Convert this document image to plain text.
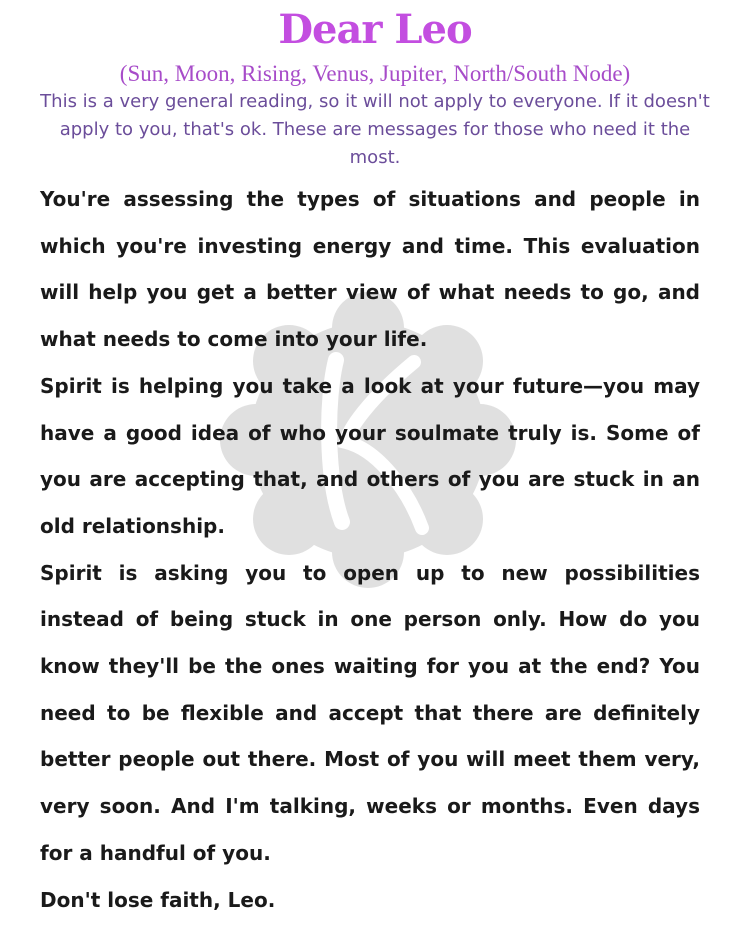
Dear Leo
(Sun, Moon, Rising, Venus, Jupiter, North/South Node)
This is a very general reading, so it will not apply to everyone. If it doesn't apply to you, that's ok. These are messages for those who need it the most.

You're assessing the types of situations and people in which you're investing energy and time. This evaluation will help you get a better view of what needs to go, and what needs to come into your life.

Spirit is helping you take a look at your future—you may have a good idea of who your soulmate truly is. Some of you are accepting that, and others of you are stuck in an old relationship.

Spirit is asking you to open up to new possibilities instead of being stuck in one person only. How do you know they'll be the ones waiting for you at the end? You need to be flexible and accept that there are definitely better people out there. Most of you will meet them very, very soon. And I'm talking, weeks or months. Even days for a handful of you.

Don't lose faith, Leo.
